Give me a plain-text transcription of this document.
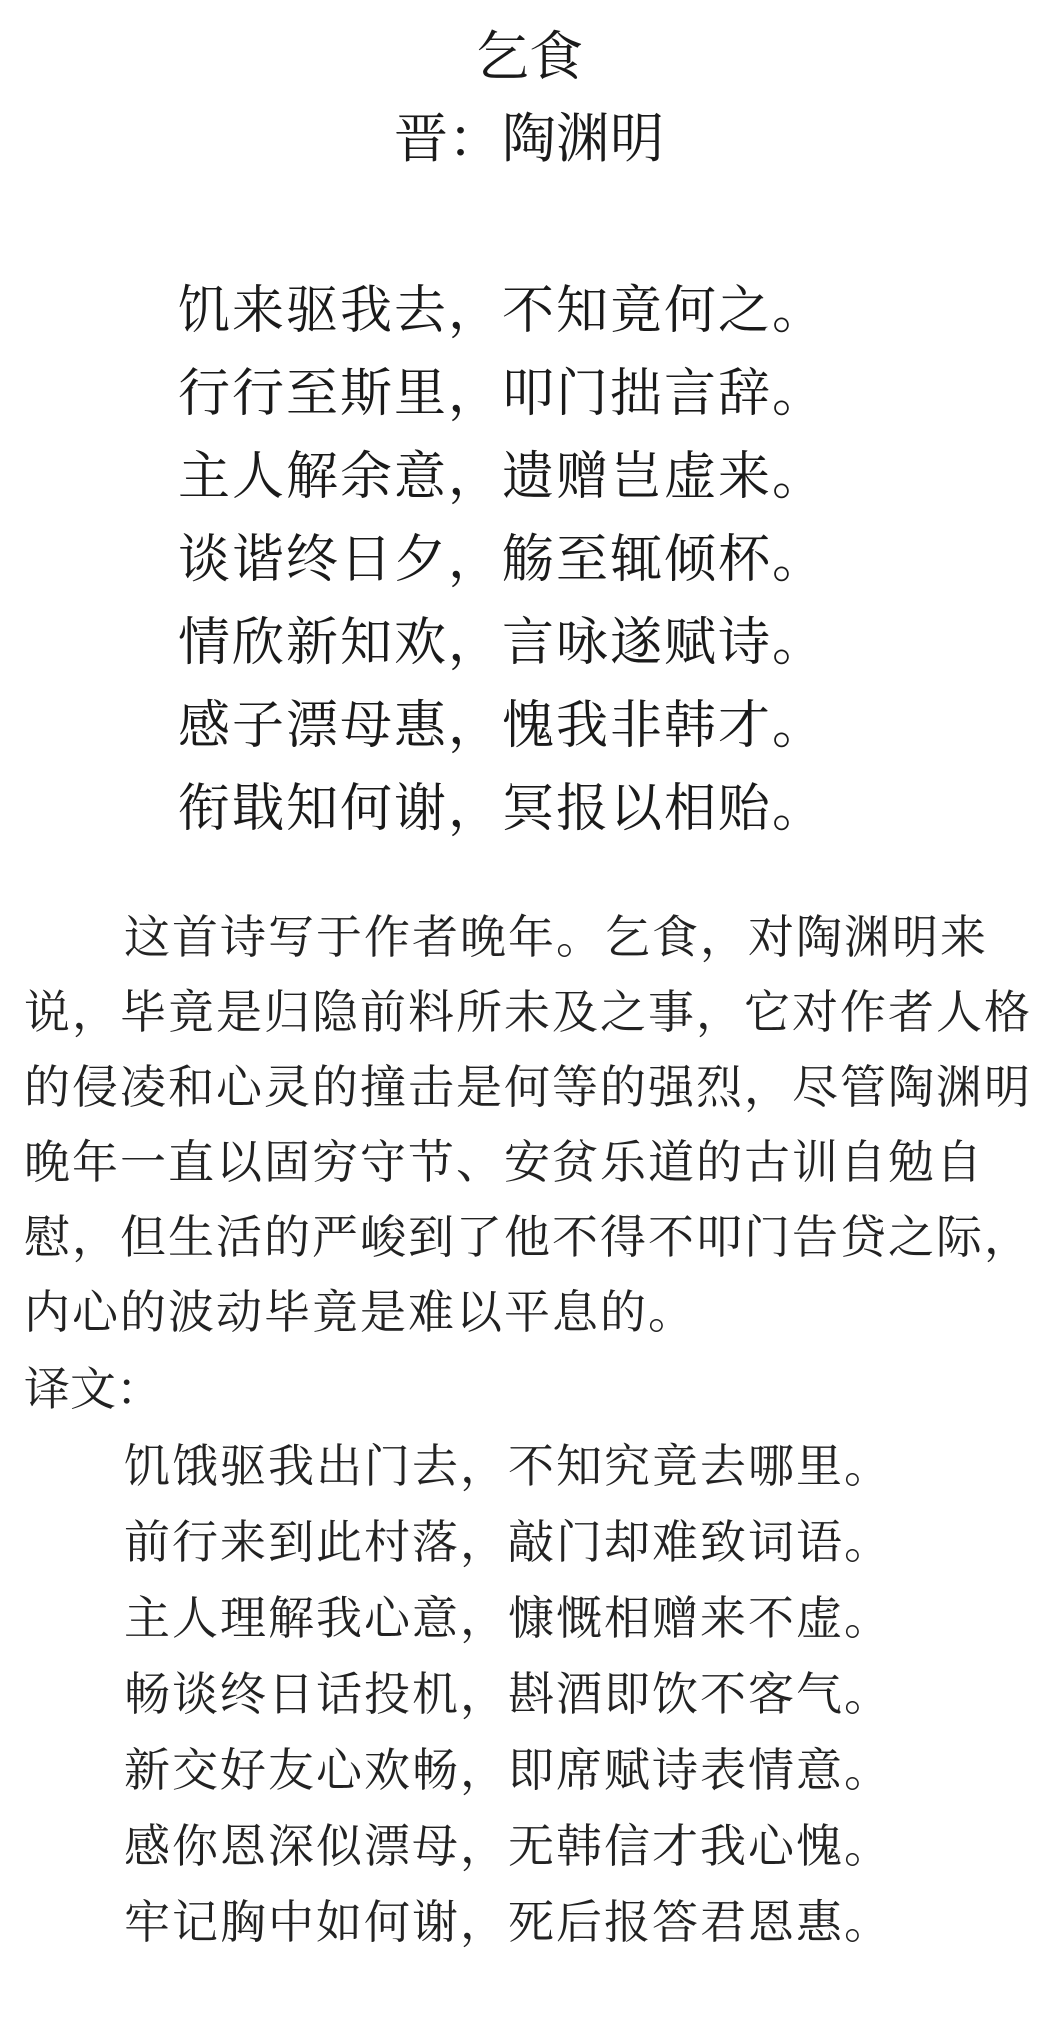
乞食
晋：陶渊明
饥来驱我去，不知竟何之。
行行至斯里，叩门拙言辞。
主人解余意，遗赠岂虚来。
谈谐终日夕，觞至辄倾杯。
情欣新知欢，言咏遂赋诗。
感子漂母惠，愧我非韩才。
衔戢知何谢，冥报以相贻。
这首诗写于作者晚年。乞食，对陶渊明来说，毕竟是归隐前料所未及之事，它对作者人格的侵凌和心灵的撞击是何等的强烈，尽管陶渊明晚年一直以固穷守节、安贫乐道的古训自勉自慰，但生活的严峻到了他不得不叩门告贷之际，内心的波动毕竟是难以平息的。
译文：
饥饿驱我出门去，不知究竟去哪里。
前行来到此村落，敲门却难致词语。
主人理解我心意，慷慨相赠来不虚。
畅谈终日话投机，斟酒即饮不客气。
新交好友心欢畅，即席赋诗表情意。
感你恩深似漂母，无韩信才我心愧。
牢记胸中如何谢，死后报答君恩惠。
